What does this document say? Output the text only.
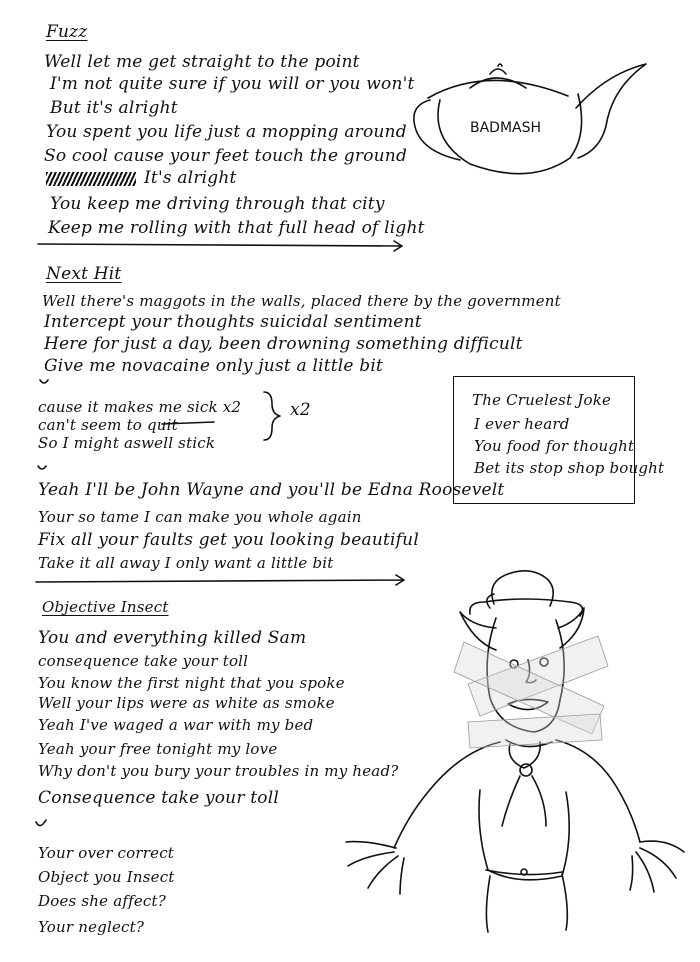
Fuzz
Well let me get straight to the point
I'm not quite sure if you will or you won't
But it's alright
You spent you life just a mopping around
So cool cause your feet touch the ground
It's alright
You keep me driving through that city
Keep me rolling with that full head of light
Next Hit
Well there's maggots in the walls, placed there by the government
Intercept your thoughts suicidal sentiment
Here for just a day, been drowning something difficult
Give me novacaine only just a little bit
cause it makes me sick x2
can't seem to quit
So I might aswell stick
x2
Yeah I'll be John Wayne and you'll be Edna Roosevelt
Your so tame I can make you whole again
Fix all your faults get you looking beautiful
Take it all away I only want a little bit
Objective Insect
You and everything killed Sam
consequence take your toll
You know the first night that you spoke
Well your lips were as white as smoke
Yeah I've waged a war with my bed
Yeah your free tonight my love
Why don't you bury your troubles in my head?
Consequence take your toll
Your over correct
Object you Insect
Does she affect?
Your neglect?
The Cruelest Joke
I ever heard
You food for thought
Bet its stop shop bought
BADMASH
